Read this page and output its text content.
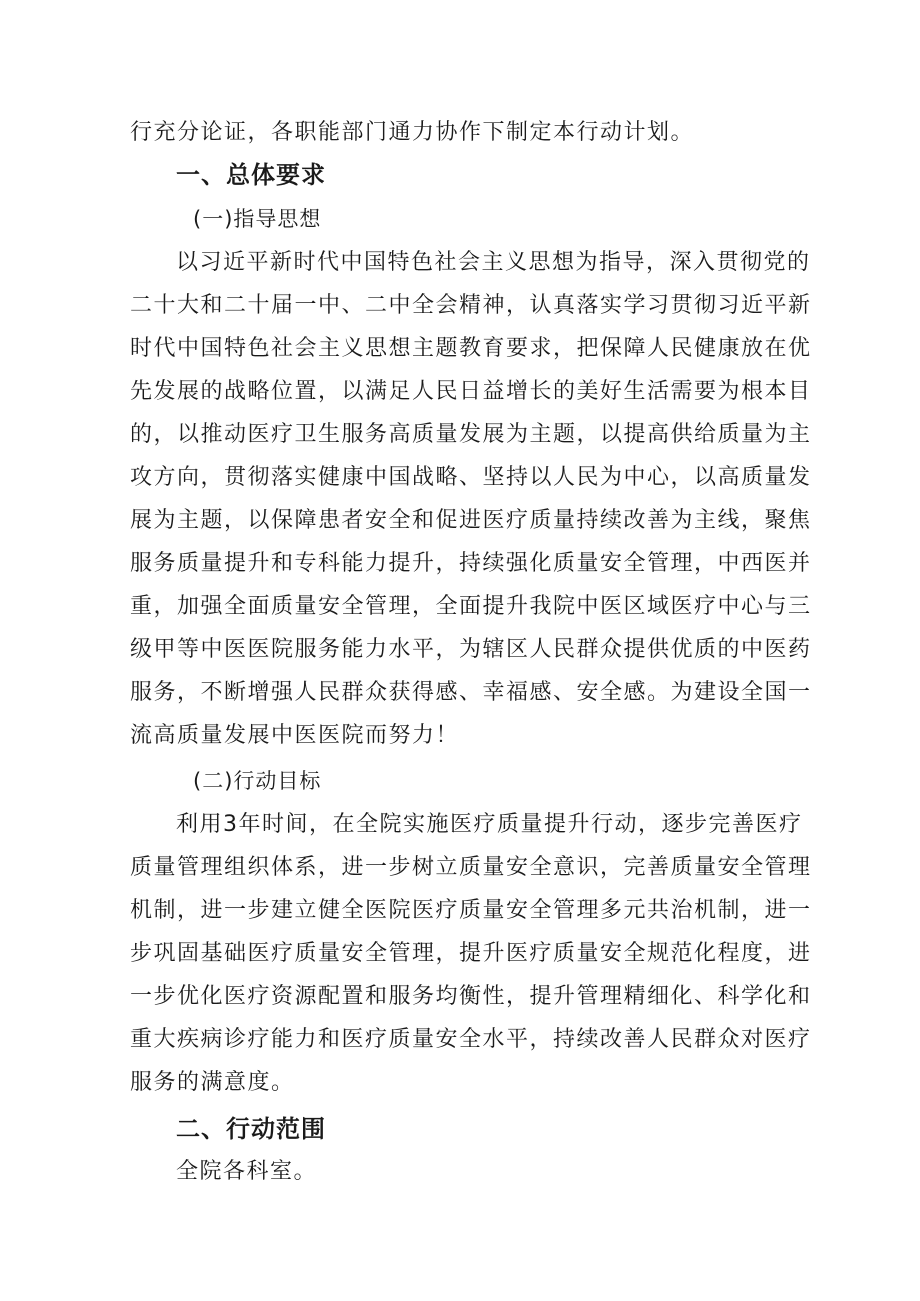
行充分论证，各职能部门通力协作下制定本行动计划。
一、总体要求
(一)指导思想
以习近平新时代中国特色社会主义思想为指导，深入贯彻党的
二十大和二十届一中、二中全会精神，认真落实学习贯彻习近平新
时代中国特色社会主义思想主题教育要求，把保障人民健康放在优
先发展的战略位置，以满足人民日益增长的美好生活需要为根本目
的，以推动医疗卫生服务高质量发展为主题，以提高供给质量为主
攻方向，贯彻落实健康中国战略、坚持以人民为中心，以高质量发
展为主题，以保障患者安全和促进医疗质量持续改善为主线，聚焦
服务质量提升和专科能力提升，持续强化质量安全管理，中西医并
重，加强全面质量安全管理，全面提升我院中医区域医疗中心与三
级甲等中医医院服务能力水平，为辖区人民群众提供优质的中医药
服务，不断增强人民群众获得感、幸福感、安全感。为建设全国一
流高质量发展中医医院而努力！
(二)行动目标
利用3年时间，在全院实施医疗质量提升行动，逐步完善医疗
质量管理组织体系，进一步树立质量安全意识，完善质量安全管理
机制，进一步建立健全医院医疗质量安全管理多元共治机制，进一
步巩固基础医疗质量安全管理，提升医疗质量安全规范化程度，进
一步优化医疗资源配置和服务均衡性，提升管理精细化、科学化和
重大疾病诊疗能力和医疗质量安全水平，持续改善人民群众对医疗
服务的满意度。
二、行动范围
全院各科室。
